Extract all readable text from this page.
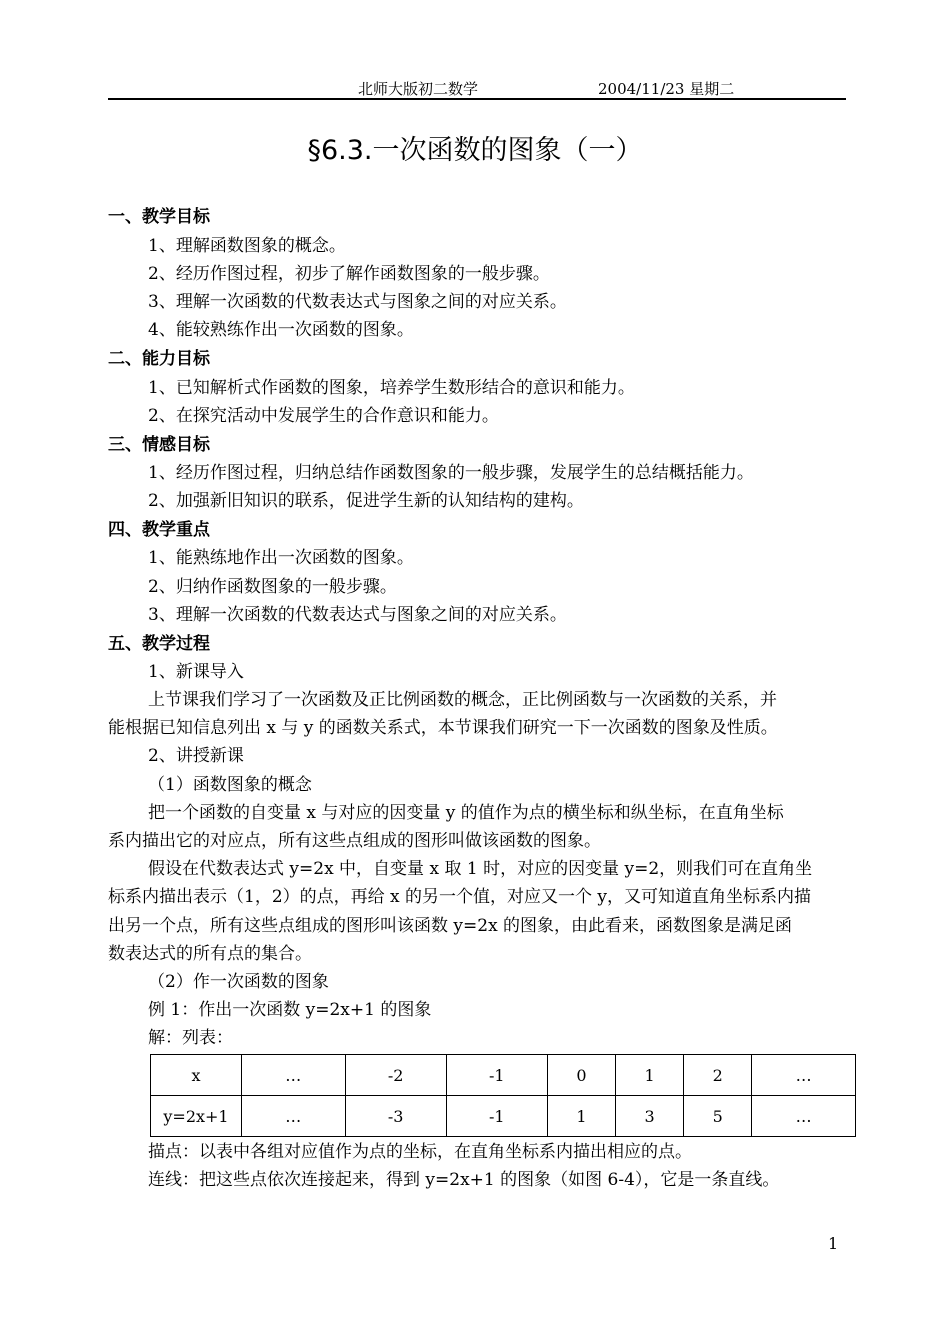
北师大版初二数学	2004/11/23 星期二
§6.3.一次函数的图象（一）
一、教学目标
1、理解函数图象的概念。
2、经历作图过程，初步了解作函数图象的一般步骤。
3、理解一次函数的代数表达式与图象之间的对应关系。
4、能较熟练作出一次函数的图象。
二、能力目标
1、已知解析式作函数的图象，培养学生数形结合的意识和能力。
2、在探究活动中发展学生的合作意识和能力。
三、情感目标
1、经历作图过程，归纳总结作函数图象的一般步骤，发展学生的总结概括能力。
2、加强新旧知识的联系，促进学生新的认知结构的建构。
四、教学重点
1、能熟练地作出一次函数的图象。
2、归纳作函数图象的一般步骤。
3、理解一次函数的代数表达式与图象之间的对应关系。
五、教学过程
1、新课导入
上节课我们学习了一次函数及正比例函数的概念，正比例函数与一次函数的关系，并
能根据已知信息列出 x 与 y 的函数关系式，本节课我们研究一下一次函数的图象及性质。
2、讲授新课
（1）函数图象的概念
把一个函数的自变量 x 与对应的因变量 y 的值作为点的横坐标和纵坐标，在直角坐标
系内描出它的对应点，所有这些点组成的图形叫做该函数的图象。
假设在代数表达式 y=2x 中，自变量 x 取 1 时，对应的因变量 y=2，则我们可在直角坐
标系内描出表示（1，2）的点，再给 x 的另一个值，对应又一个 y，又可知道直角坐标系内描
出另一个点，所有这些点组成的图形叫该函数 y=2x 的图象，由此看来，函数图象是满足函
数表达式的所有点的集合。
（2）作一次函数的图象
例 1：作出一次函数 y=2x+1 的图象
解：列表：
x	…	-2	-1	0	1	2	…
y=2x+1	…	-3	-1	1	3	5	…
描点：以表中各组对应值作为点的坐标，在直角坐标系内描出相应的点。
连线：把这些点依次连接起来，得到 y=2x+1 的图象（如图 6-4），它是一条直线。
1
